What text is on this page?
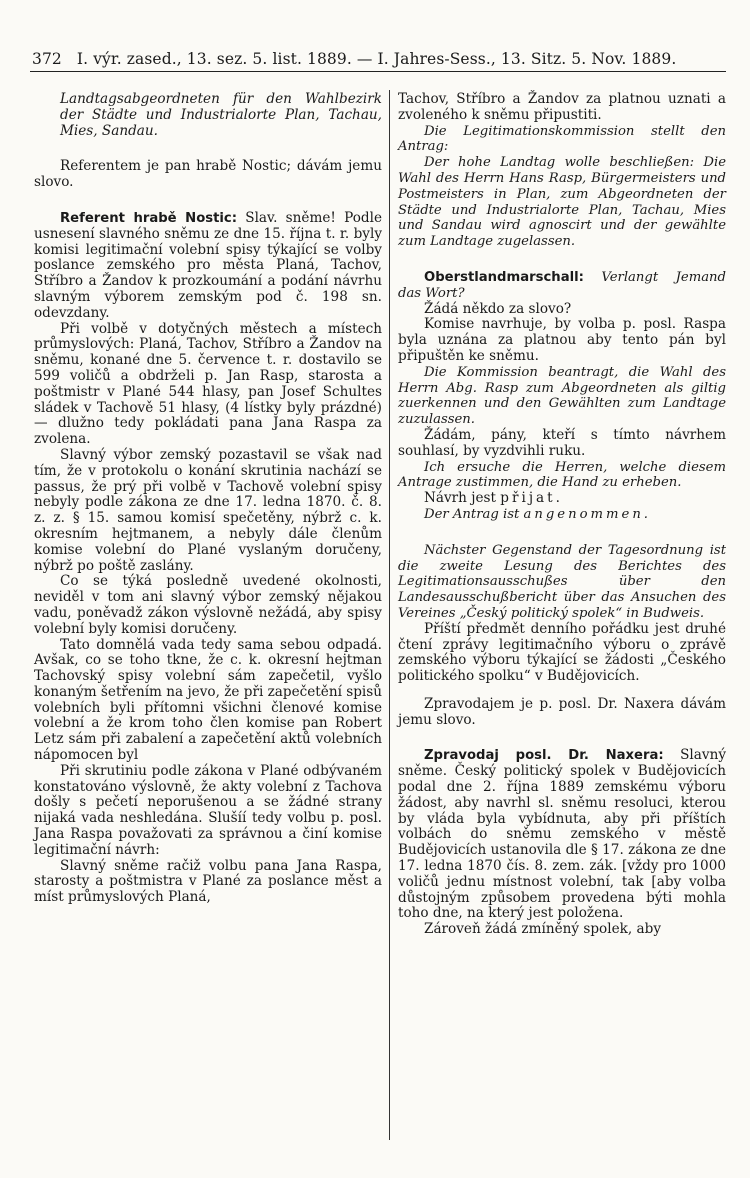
372 I. výr. zased., 13. sez. 5. list. 1889. — I. Jahres-Sess., 13. Sitz. 5. Nov. 1889.

Landtagsabgeordneten für den Wahlbezirk der Städte und Industrialorte Plan, Tachau, Mies, Sandau.

Referentem je pan hrabě Nostic; dávám jemu slovo.

Referent hrabě Nostic: Slav. sněme! Podle usnesení slavného sněmu ze dne 15. října t. r. byly komisi legitimační volební spisy týkající se volby poslance zemského pro města Planá, Tachov, Stříbro a Žandov k prozkoumání a podání návrhu slavným výborem zemským pod č. 198 sn. odevzdany.

Při volbě v dotyčných městech a místech průmyslových: Planá, Tachov, Stříbro a Žandov na sněmu, konané dne 5. července t. r. dostavilo se 599 voličů a obdrželi p. Jan Rasp, starosta a poštmistr v Plané 544 hlasy, pan Josef Schultes sládek v Tachově 51 hlasy, (4 lístky byly prázdné) — dlužno tedy pokládati pana Jana Raspa za zvolena.

Slavný výbor zemský pozastavil se však nad tím, že v protokolu o konání skrutinia nachází se passus, že prý při volbě v Tachově volební spisy nebyly podle zákona ze dne 17. ledna 1870. č. 8. z. z. § 15. samou komisí spečetěny, nýbrž c. k. okresním hejtmanem, a nebyly dále členům komise volební do Plané vyslaným doručeny, nýbrž po poště zaslány.

Co se týká posledně uvedené okolnosti, neviděl v tom ani slavný výbor zemský nějakou vadu, poněvadž zákon výslovně nežádá, aby spisy volební byly komisi doručeny.

Tato domnělá vada tedy sama sebou odpadá. Avšak, co se toho tkne, že c. k. okresní hejtman Tachovský spisy volební sám zapečetil, vyšlo konaným šetřením na jevo, že při zapečetění spisů volebních byli přítomni všichni členové komise volební a že krom toho člen komise pan Robert Letz sám při zabalení a zapečetění aktů volebních nápomocen byl

Při skrutiniu podle zákona v Plané odbývaném konstatováno výslovně, že akty volební z Tachova došly s pečetí neporušenou a se žádné strany nijaká vada neshledána. Slušíí tedy volbu p. posl. Jana Raspa považovati za správnou a činí komise legitimační návrh:

Slavný sněme račiž volbu pana Jana Raspa, starosty a poštmistra v Plané za poslance měst a míst průmyslových Planá,

Tachov, Stříbro a Žandov za platnou uznati a zvoleného k sněmu připustiti.

Die Legitimationskommission stellt den Antrag:

Der hohe Landtag wolle beschließen: Die Wahl des Herrn Hans Rasp, Bürgermeisters und Postmeisters in Plan, zum Abgeordneten der Städte und Industrialorte Plan, Tachau, Mies und Sandau wird agnoscirt und der gewählte zum Landtage zugelassen.

Oberstlandmarschall: Verlangt Jemand das Wort?

Žádá někdo za slovo?

Komise navrhuje, by volba p. posl. Raspa byla uznána za platnou aby tento pán byl připuštěn ke sněmu.

Die Kommission beantragt, die Wahl des Herrn Abg. Rasp zum Abgeordneten als giltig zuerkennen und den Gewählten zum Landtage zuzulassen.

Žádám, pány, kteří s tímto návrhem souhlasí, by vyzdvihli ruku.

Ich ersuche die Herren, welche diesem Antrage zustimmen, die Hand zu erheben.

Návrh jest přijat.

Der Antrag ist angenommen.

Nächster Gegenstand der Tagesordnung ist die zweite Lesung des Berichtes des Legitimationsausschußes über den Landesausschußbericht über das Ansuchen des Vereines „Český politický spolek“ in Budweis.

Příští předmět denního pořádku jest druhé čtení zprávy legitimačního výboru o zprávě zemského výboru týkající se žádosti „Českého politického spolku“ v Budějovicích.

Zpravodajem je p. posl. Dr. Naxera dávám jemu slovo.

Zpravodaj posl. Dr. Naxera: Slavný sněme. Český politický spolek v Budějovicích podal dne 2. října 1889 zemskému výboru žádost, aby navrhl sl. sněmu resoluci, kterou by vláda byla vybídnuta, aby při příštích volbách do sněmu zemského v městě Budějovicích ustanovila dle § 17. zákona ze dne 17. ledna 1870 čís. 8. zem. zák. [vždy pro 1000 voličů jednu místnost volební, tak [aby volba důstojným způsobem provedena býti mohla toho dne, na který jest položena.

Zároveň žádá zmíněný spolek, aby
